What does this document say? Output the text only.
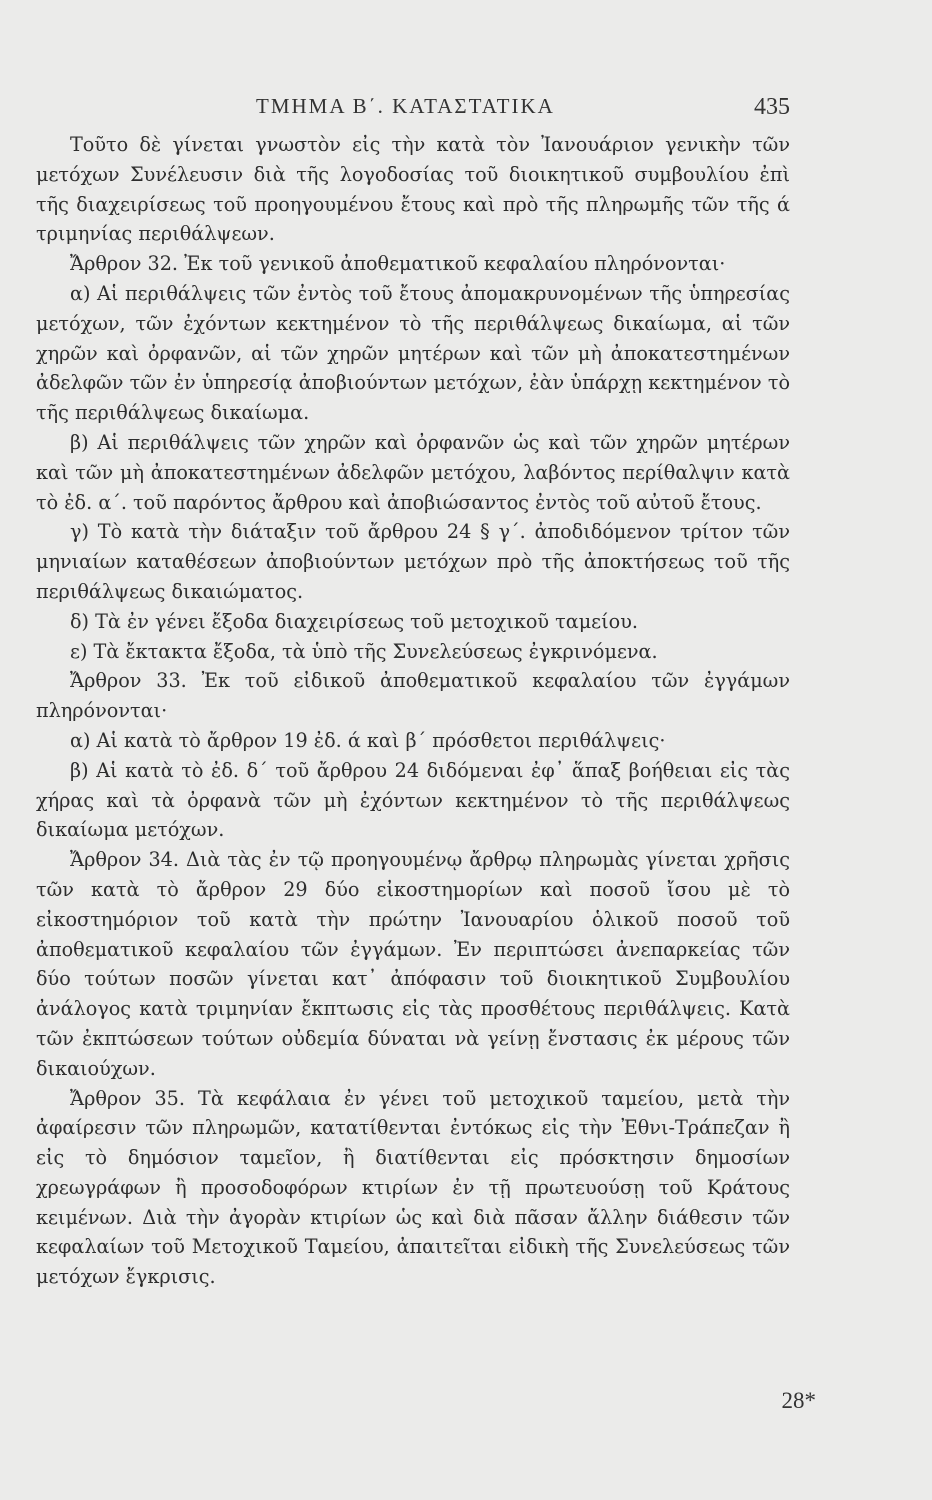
ΤΜΗΜΑ Β΄. ΚΑΤΑΣΤΑΤΙΚΑ	435

Τοῦτο δὲ γίνεται γνωστὸν εἰς τὴν κατὰ τὸν Ἰανουάριον γενικὴν τῶν μετόχων Συνέλευσιν διὰ τῆς λογοδοσίας τοῦ διοικητικοῦ συμβουλίου ἐπὶ τῆς διαχειρίσεως τοῦ προηγουμένου ἔτους καὶ πρὸ τῆς πληρωμῆς τῶν τῆς ά τριμηνίας περιθάλψεων.

Ἄρθρον 32. Ἐκ τοῦ γενικοῦ ἀποθεματικοῦ κεφαλαίου πληρόνονται·

α) Αἱ περιθάλψεις τῶν ἐντὸς τοῦ ἔτους ἀπομακρυνομένων τῆς ὑπηρεσίας μετόχων, τῶν ἐχόντων κεκτημένον τὸ τῆς περιθάλψεως δικαίωμα, αἱ τῶν χηρῶν καὶ ὀρφανῶν, αἱ τῶν χηρῶν μητέρων καὶ τῶν μὴ ἀποκατεστημένων ἀδελφῶν τῶν ἐν ὑπηρεσίᾳ ἀποβιούντων μετόχων, ἐὰν ὑπάρχῃ κεκτημένον τὸ τῆς περιθάλψεως δικαίωμα.

β) Αἱ περιθάλψεις τῶν χηρῶν καὶ ὀρφανῶν ὡς καὶ τῶν χηρῶν μητέρων καὶ τῶν μὴ ἀποκατεστημένων ἀδελφῶν μετόχου, λαβόντος περίθαλψιν κατὰ τὸ ἐδ. α΄. τοῦ παρόντος ἄρθρου καὶ ἀποβιώσαντος ἐντὸς τοῦ αὐτοῦ ἔτους.

γ) Τὸ κατὰ τὴν διάταξιν τοῦ ἄρθρου 24 § γ΄. ἀποδιδόμενον τρίτον τῶν μηνιαίων καταθέσεων ἀποβιούντων μετόχων πρὸ τῆς ἀποκτήσεως τοῦ τῆς περιθάλψεως δικαιώματος.

δ) Τὰ ἐν γένει ἔξοδα διαχειρίσεως τοῦ μετοχικοῦ ταμείου.

ε) Τὰ ἔκτακτα ἔξοδα, τὰ ὑπὸ τῆς Συνελεύσεως ἐγκρινόμενα.

Ἄρθρον 33. Ἐκ τοῦ εἰδικοῦ ἀποθεματικοῦ κεφαλαίου τῶν ἐγγάμων πληρόνονται·

α) Αἱ κατὰ τὸ ἄρθρον 19 ἐδ. ά καὶ β΄ πρόσθετοι περιθάλψεις·

β) Αἱ κατὰ τὸ ἐδ. δ΄ τοῦ ἄρθρου 24 διδόμεναι ἐφ᾽ ἅπαξ βοήθειαι εἰς τὰς χήρας καὶ τὰ ὀρφανὰ τῶν μὴ ἐχόντων κεκτημένον τὸ τῆς περιθάλψεως δικαίωμα μετόχων.

Ἄρθρον 34. Διὰ τὰς ἐν τῷ προηγουμένῳ ἄρθρῳ πληρωμὰς γίνεται χρῆσις τῶν κατὰ τὸ ἄρθρον 29 δύο εἰκοστημορίων καὶ ποσοῦ ἴσου μὲ τὸ εἰκοστημόριον τοῦ κατὰ τὴν πρώτην Ἰανουαρίου ὁλικοῦ ποσοῦ τοῦ ἀποθεματικοῦ κεφαλαίου τῶν ἐγγάμων. Ἐν περιπτώσει ἀνεπαρκείας τῶν δύο τούτων ποσῶν γίνεται κατ᾽ ἀπόφασιν τοῦ διοικητικοῦ Συμβουλίου ἀνάλογος κατὰ τριμηνίαν ἔκπτωσις εἰς τὰς προσθέτους περιθάλψεις. Κατὰ τῶν ἐκπτώσεων τούτων οὐδεμία δύναται νὰ γείνῃ ἔνστασις ἐκ μέρους τῶν δικαιούχων.

Ἄρθρον 35. Τὰ κεφάλαια ἐν γένει τοῦ μετοχικοῦ ταμείου, μετὰ τὴν ἀφαίρεσιν τῶν πληρωμῶν, κατατίθενται ἐντόκως εἰς τὴν Ἐθνι-Τράπεζαν ἢ εἰς τὸ δημόσιον ταμεῖον, ἢ διατίθενται εἰς πρόσκτησιν δημοσίων χρεωγράφων ἢ προσοδοφόρων κτιρίων ἐν τῇ πρωτευούσῃ τοῦ Κράτους κειμένων. Διὰ τὴν ἀγορὰν κτιρίων ὡς καὶ διὰ πᾶσαν ἄλλην διάθεσιν τῶν κεφαλαίων τοῦ Μετοχικοῦ Ταμείου, ἀπαιτεῖται εἰδικὴ τῆς Συνελεύσεως τῶν μετόχων ἔγκρισις.

28*
